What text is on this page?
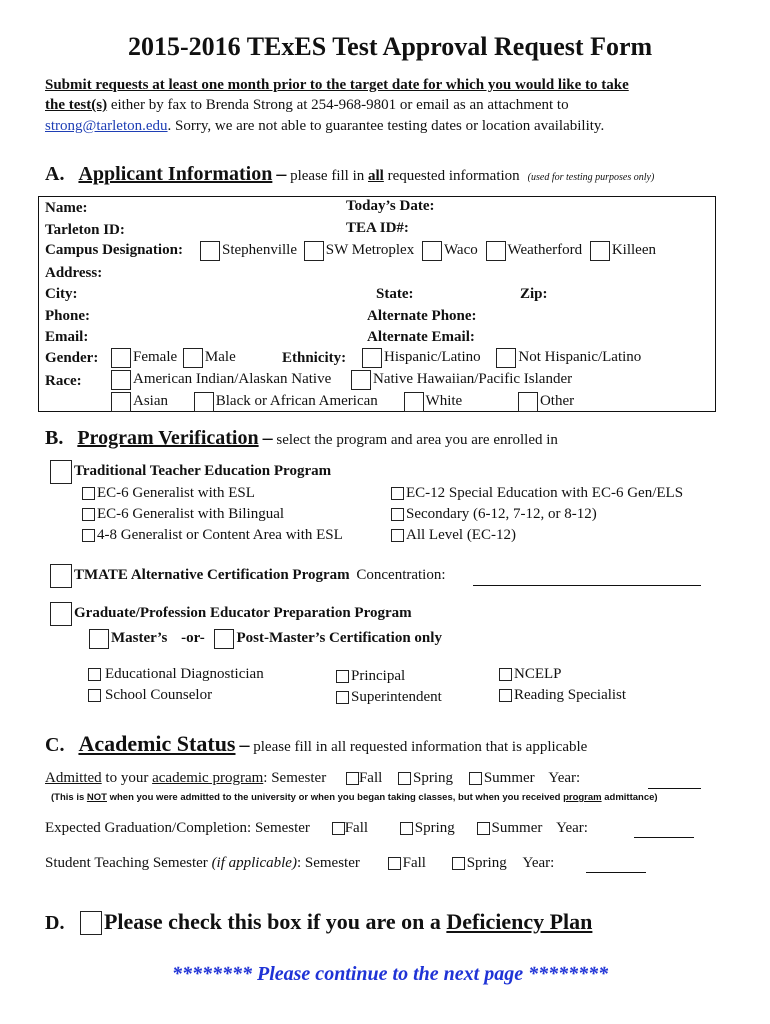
2015-2016 TExES Test Approval Request Form
Submit requests at least one month prior to the target date for which you would like to take
the test(s) either by fax to Brenda Strong at 254-968-9801 or email as an attachment to
strong@tarleton.edu. Sorry, we are not able to guarantee testing dates or location availability.
A. Applicant Information – please fill in all requested information (used for testing purposes only)
Name:	Today’s Date:
Tarleton ID:	TEA ID#:
Campus Designation:	Stephenville SW Metroplex Waco Weatherford Killeen
Address:
City:	State:	Zip:
Phone:	Alternate Phone:
Email:	Alternate Email:
Gender:	Female Male	Ethnicity:	Hispanic/Latino	Not Hispanic/Latino
Race:	American Indian/Alaskan Native	Native Hawaiian/Pacific Islander
Asian	Black or African American	White	Other
B. Program Verification – select the program and area you are enrolled in
Traditional Teacher Education Program
EC-6 Generalist with ESL
EC-6 Generalist with Bilingual
4-8 Generalist or Content Area with ESL
EC-12 Special Education with EC-6 Gen/ELS
Secondary (6-12, 7-12, or 8-12)
All Level (EC-12)
TMATE Alternative Certification Program Concentration:
Graduate/Profession Educator Preparation Program
Master’s -or- Post-Master’s Certification only
Educational Diagnostician
School Counselor
Principal
Superintendent
NCELP
Reading Specialist
C. Academic Status – please fill in all requested information that is applicable
Admitted to your academic program: Semester Fall Spring Summer Year:
(This is NOT when you were admitted to the university or when you began taking classes, but when you received program admittance)
Expected Graduation/Completion: Semester Fall	Spring Summer Year:
Student Teaching Semester (if applicable): Semester	Fall	Spring Year:
D. Please check this box if you are on a Deficiency Plan
******** Please continue to the next page ********
